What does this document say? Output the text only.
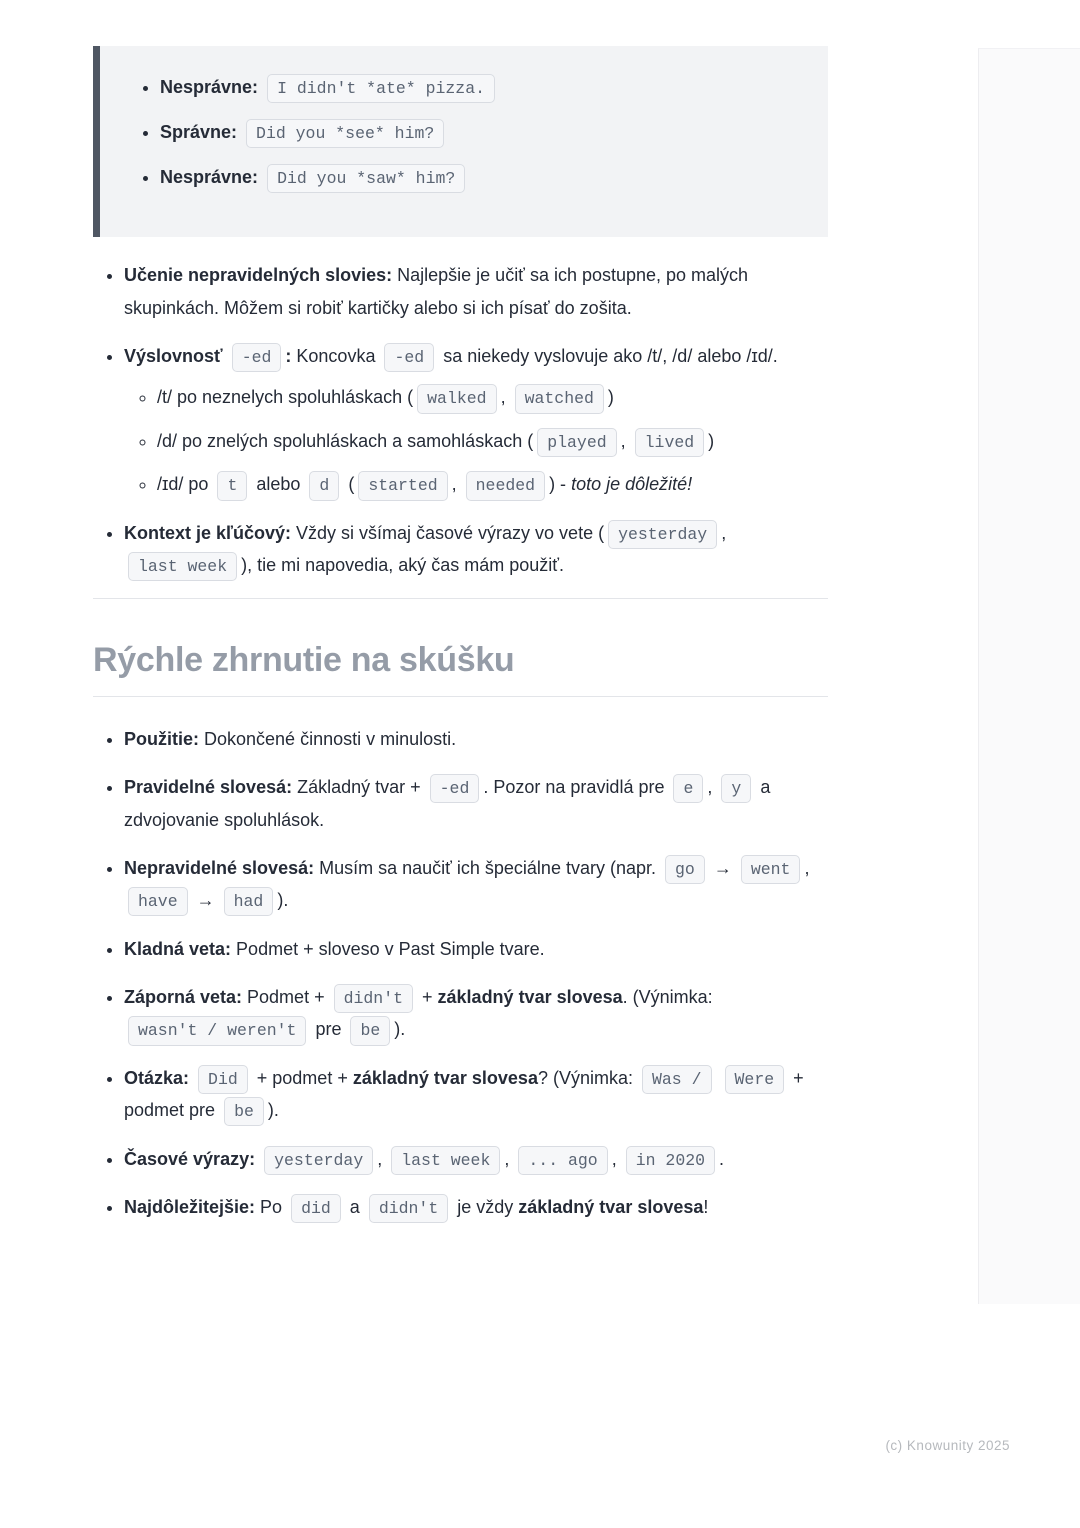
• Nesprávne: I didn't *ate* pizza.
• Správne: Did you *see* him?
• Nesprávne: Did you *saw* him?
• Učenie nepravidelných slovies: Najlepšie je učiť sa ich postupne, po malých skupinkách. Môžem si robiť kartičky alebo si ich písať do zošita.
• Výslovnosť -ed : Koncovka -ed sa niekedy vyslovuje ako /t/, /d/ alebo /ɪd/.
◦ /t/ po neznelych spoluhláskach ( walked , watched )
◦ /d/ po znelých spoluhláskach a samohláskach ( played , lived )
◦ /ɪd/ po t alebo d ( started , needed ) - toto je dôležité!
• Kontext je kľúčový: Vždy si všímaj časové výrazy vo vete ( yesterday , last week ), tie mi napovedia, aký čas mám použiť.
Rýchle zhrnutie na skúšku
• Použitie: Dokončené činnosti v minulosti.
• Pravidelné slovesá: Základný tvar + -ed . Pozor na pravidlá pre e , y a zdvojovanie spoluhlások.
• Nepravidelné slovesá: Musím sa naučiť ich špeciálne tvary (napr. go → went , have → had ).
• Kladná veta: Podmet + sloveso v Past Simple tvare.
• Záporná veta: Podmet + didn't + základný tvar slovesa. (Výnimka: wasn't / weren't pre be ).
• Otázka: Did + podmet + základný tvar slovesa? (Výnimka: Was / Were + podmet pre be ).
• Časové výrazy: yesterday , last week , ... ago , in 2020 .
• Najdôležitejšie: Po did a didn't je vždy základný tvar slovesa!
(c) Knowunity 2025
